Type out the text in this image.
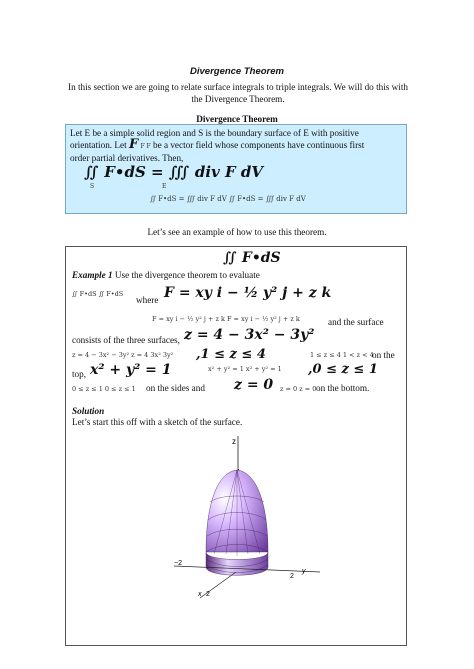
Divergence Theorem
In this section we are going to relate surface integrals to triple integrals. We will do this with the Divergence Theorem.
Divergence Theorem
Let E be a simple solid region and S is the boundary surface of E with positive
orientation. Let F F F be a vector field whose components have continuous first
order partial derivatives. Then,
∬ F•dS = ∭ div F dV
S	E
∬ F•dS = ∭ div F dV ∬ F•dS = ∭ div F dV
Let’s see an example of how to use this theorem.
∬ F•dS
Example 1 Use the divergence theorem to evaluate
∬ F•dS ∬ F•dS
where F = xy i − ½ y² j + z k
F = xy i − ½ y² j + z k F = xy i − ½ y² j + z k	and the surface
consists of the three surfaces, z = 4 − 3x² − 3y²
z = 4 − 3x² − 3y² z = 4 3x² 3y² ,1 ≤ z ≤ 4	1 ≤ z ≤ 4 1 < z < 4
on the
top, x² + y² = 1	x² + y² = 1 x² + y² = 1 ,0 ≤ z ≤ 1
0 ≤ z ≤ 1 0 ≤ z ≤ 1 on the sides and z = 0 z = 0 z = 0 on the bottom.
Solution
Let’s start this off with a sketch of the surface.
z
−2
2
y
x 2
